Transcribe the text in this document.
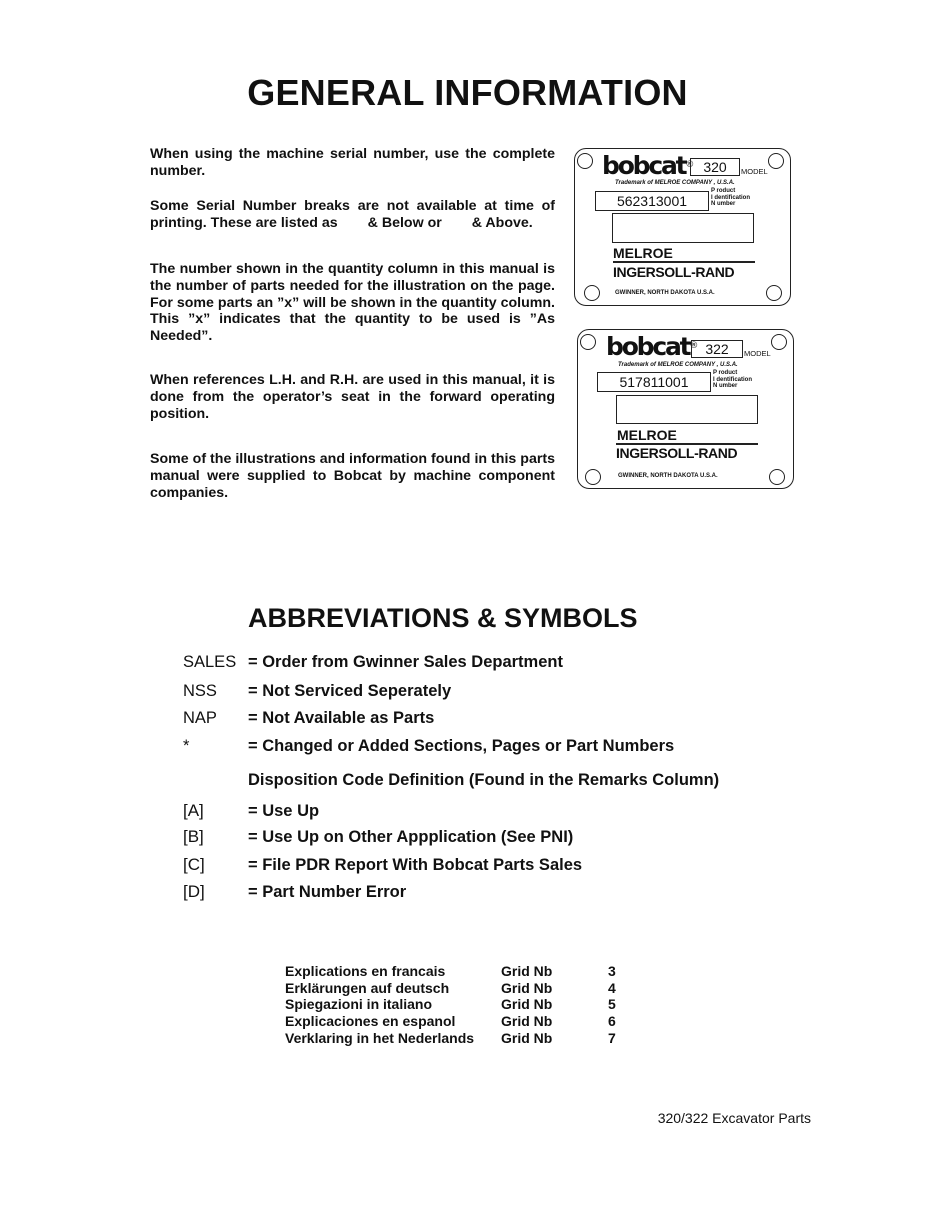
GENERAL INFORMATION

When using the machine serial number, use the complete number.

Some Serial Number breaks are not available at time of printing. These are listed as & Below or & Above.

The number shown in the quantity column in this manual is the number of parts needed for the illustration on the page. For some parts an ”x” will be shown in the quantity column. This ”x” indicates that the quantity to be used is ”As Needed”.

When references L.H. and R.H. are used in this manual, it is done from the operator’s seat in the forward operating position.

Some of the illustrations and information found in this parts manual were supplied to Bobcat by machine component companies.

bobcat® 320	MODEL
Trademark of MELROE COMPANY , U.S.A.
562313001
P roduct
I dentification
N umber
MELROE
INGERSOLL-RAND
GWINNER, NORTH DAKOTA U.S.A.
bobcat® 322	MODEL
Trademark of MELROE COMPANY , U.S.A.
517811001
P roduct
I dentification
N umber
MELROE
INGERSOLL-RAND
GWINNER, NORTH DAKOTA U.S.A.
ABBREVIATIONS & SYMBOLS
SALES = Order from Gwinner Sales Department
NSS = Not Serviced Seperately
NAP = Not Available as Parts
*	= Changed or Added Sections, Pages or Part Numbers
Disposition Code Definition (Found in the Remarks Column)
[A]	= Use Up
[B]	= Use Up on Other Appplication (See PNI)
[C]	= File PDR Report With Bobcat Parts Sales
[D]	= Part Number Error
Explications en francais	Grid Nb	3
Erklärungen auf deutsch	Grid Nb	4
Spiegazioni in italiano	Grid Nb	5
Explicaciones en espanol	Grid Nb	6
Verklaring in het Nederlands Grid Nb	7
320/322 Excavator Parts
